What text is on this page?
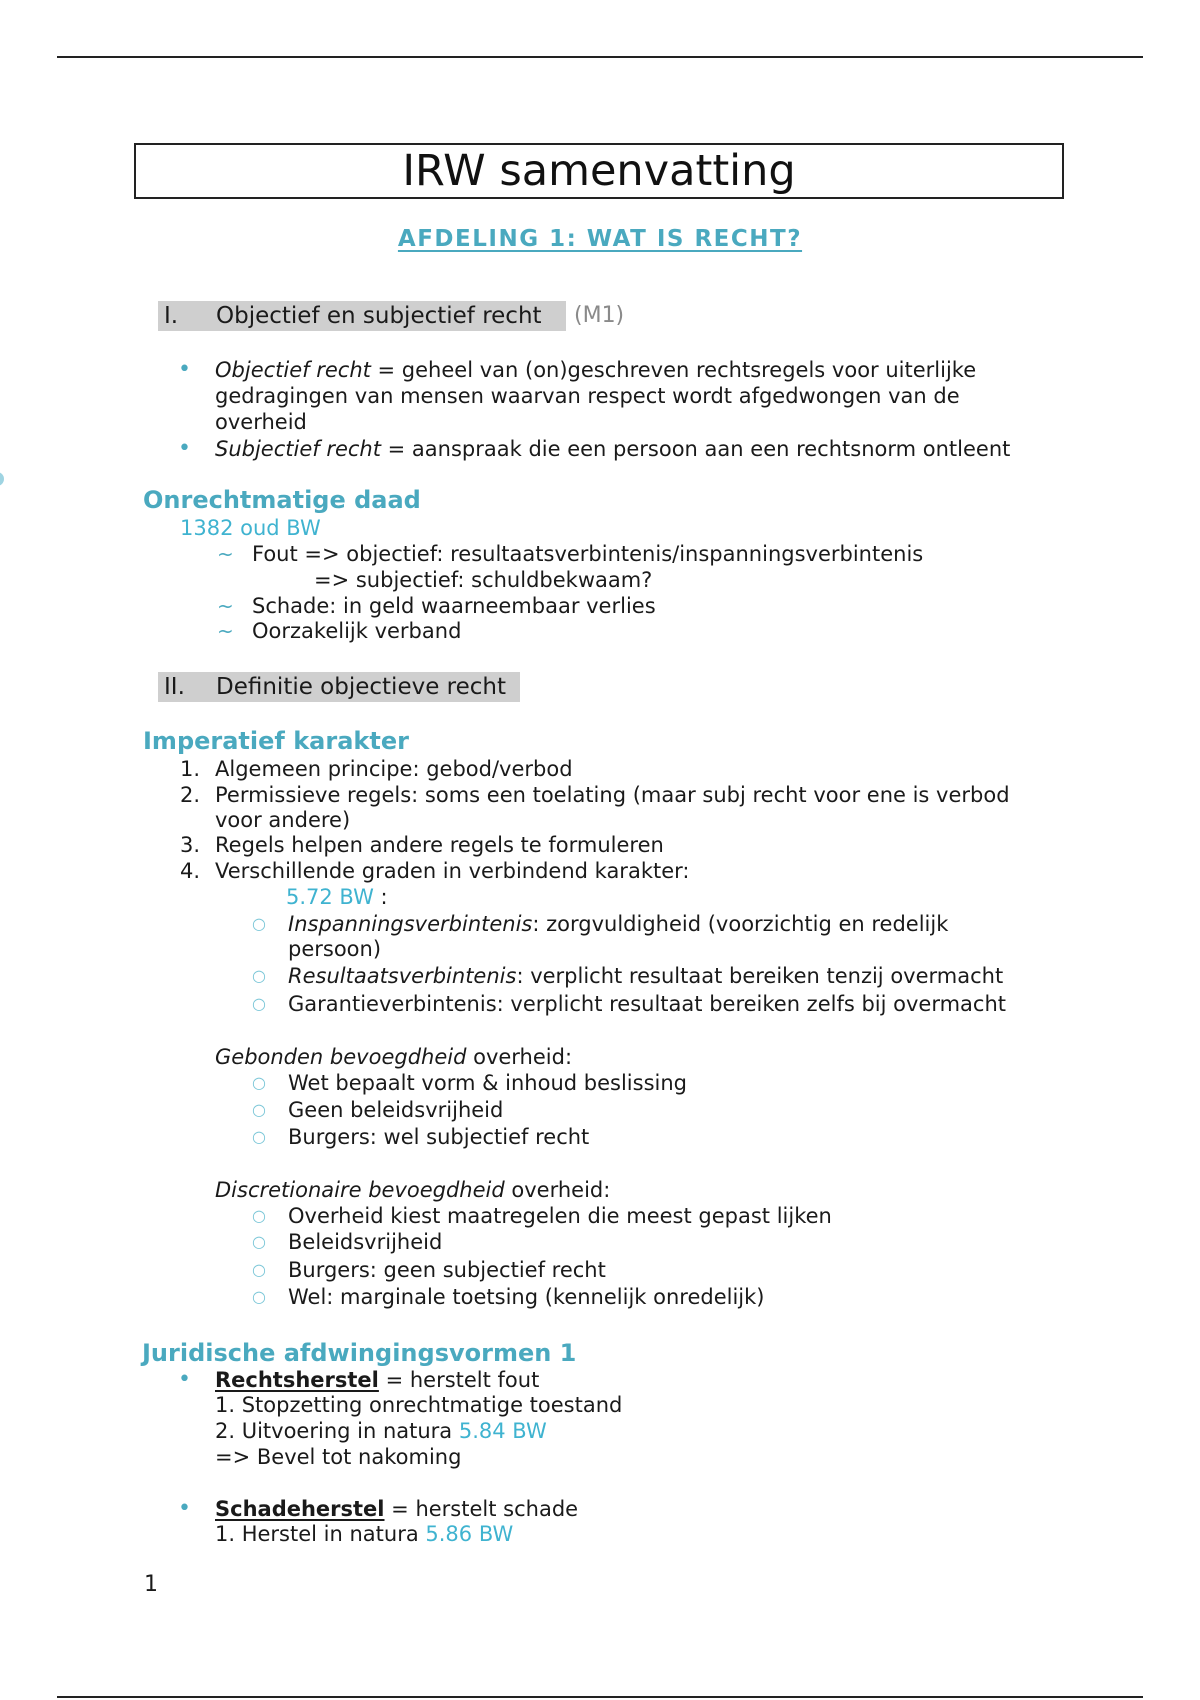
IRW samenvatting
AFDELING 1: WAT IS RECHT?
I. Objectief en subjectief recht (M1)
• Objectief recht = geheel van (on)geschreven rechtsregels voor uiterlijke
gedragingen van mensen waarvan respect wordt afgedwongen van de
overheid
• Subjectief recht = aanspraak die een persoon aan een rechtsnorm ontleent
Onrechtmatige daad
1382 oud BW
~ Fout => objectief: resultaatsverbintenis/inspanningsverbintenis
=> subjectief: schuldbekwaam?
~ Schade: in geld waarneembaar verlies
~ Oorzakelijk verband
II. Definitie objectieve recht
Imperatief karakter
1. Algemeen principe: gebod/verbod
2. Permissieve regels: soms een toelating (maar subj recht voor ene is verbod
voor andere)
3. Regels helpen andere regels te formuleren
4. Verschillende graden in verbindend karakter:
5.72 BW :
○ Inspanningsverbintenis: zorgvuldigheid (voorzichtig en redelijk
persoon)
○ Resultaatsverbintenis: verplicht resultaat bereiken tenzij overmacht
○ Garantieverbintenis: verplicht resultaat bereiken zelfs bij overmacht
Gebonden bevoegdheid overheid:
○ Wet bepaalt vorm & inhoud beslissing
○ Geen beleidsvrijheid
○ Burgers: wel subjectief recht
Discretionaire bevoegdheid overheid:
○ Overheid kiest maatregelen die meest gepast lijken
○ Beleidsvrijheid
○ Burgers: geen subjectief recht
○ Wel: marginale toetsing (kennelijk onredelijk)
Juridische afdwingingsvormen 1
• Rechtsherstel = herstelt fout
1. Stopzetting onrechtmatige toestand
2. Uitvoering in natura 5.84 BW
=> Bevel tot nakoming
• Schadeherstel = herstelt schade
1. Herstel in natura 5.86 BW
1
